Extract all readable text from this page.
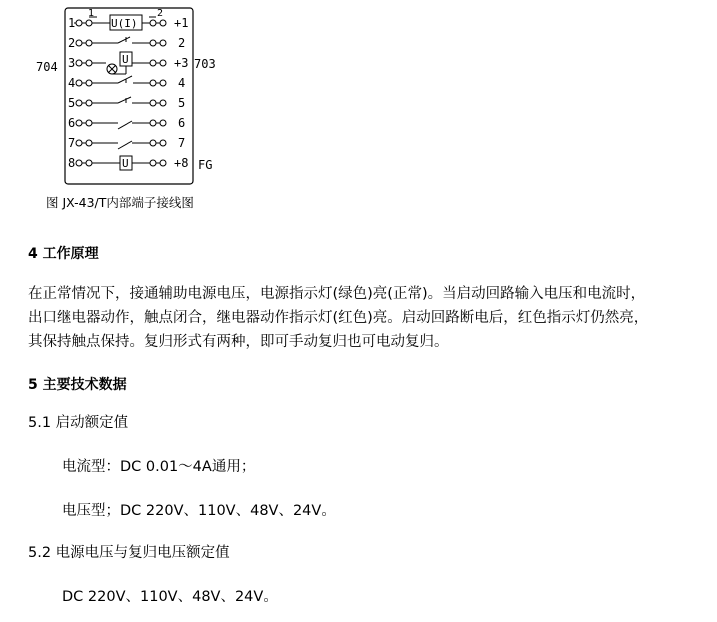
704	703
FG
1	2
1
2
3
4
5
6
7
8
+1
2
+3
4
5
6
7
+8
U(I)
U
U
图 JX-43/T内部端子接线图
4 工作原理
在正常情况下，接通辅助电源电压，电源指示灯(绿色)亮(正常)。当启动回路输入电压和电流时，
出口继电器动作，触点闭合，继电器动作指示灯(红色)亮。启动回路断电后，红色指示灯仍然亮，
其保持触点保持。复归形式有两种，即可手动复归也可电动复归。
5 主要技术数据
5.1 启动额定值
电流型：DC 0.01～4A通用；
电压型；DC 220V、110V、48V、24V。
5.2 电源电压与复归电压额定值
DC 220V、110V、48V、24V。
